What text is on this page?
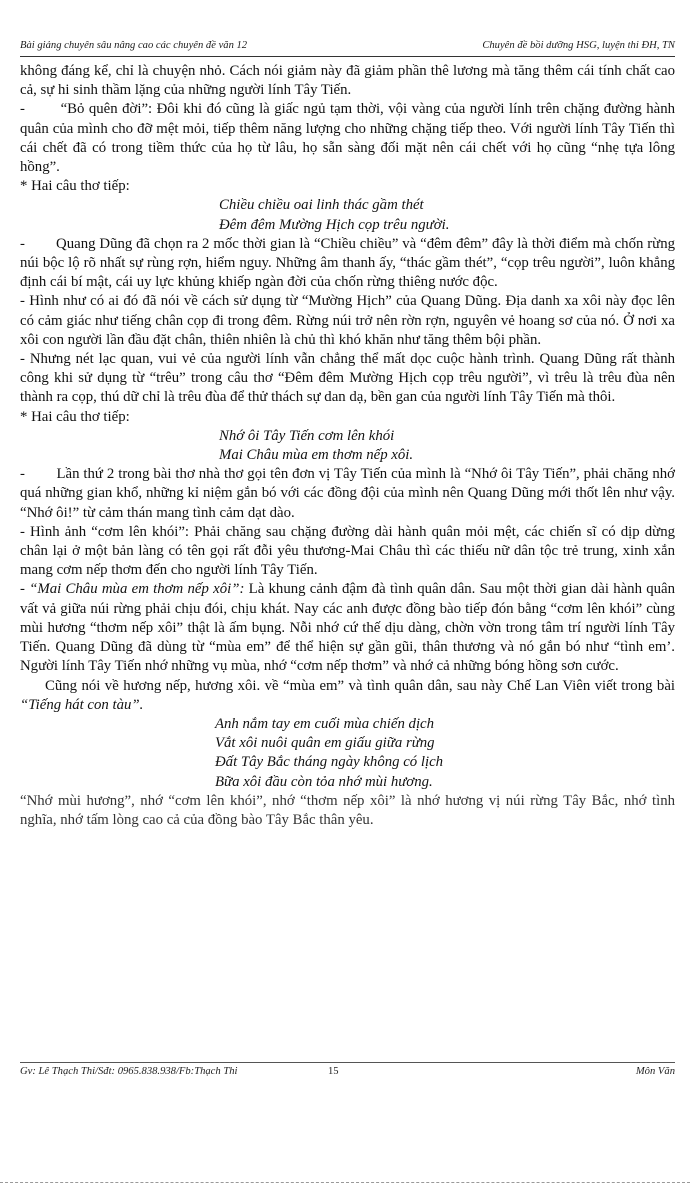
Bài giảng chuyên sâu nâng cao các chuyên đề văn 12	Chuyên đề bồi dưỡng HSG, luyện thi ĐH, TN

không đáng kể, chỉ là chuyện nhỏ. Cách nói giảm này đã giảm phần thê lương mà tăng thêm cái tính chất cao cả, sự hi sinh thầm lặng của những người lính Tây Tiến.

-        “Bỏ quên đời”: Đôi khi đó cũng là giấc ngủ tạm thời, vội vàng của người lính trên chặng đường hành quân của mình cho đỡ mệt mỏi, tiếp thêm năng lượng cho những chặng tiếp theo. Với người lính Tây Tiến thì cái chết đã có trong tiềm thức của họ từ lâu, họ sẵn sàng đối mặt nên cái chết với họ cũng “nhẹ tựa lông hồng”.

* Hai câu thơ tiếp:

Chiều chiều oai linh thác gầm thét

Đêm đêm Mường Hịch cọp trêu người.

-        Quang Dũng đã chọn ra 2 mốc thời gian là “Chiều chiều” và “đêm đêm” đây là thời điểm mà chốn rừng núi bộc lộ rõ nhất sự rùng rợn, hiểm nguy. Những âm thanh ấy, “thác gầm thét”, “cọp trêu người”, luôn khẳng định cái bí mật, cái uy lực khủng khiếp ngàn đời của chốn rừng thiêng nước độc.

- Hình như có ai đó đã nói về cách sử dụng từ “Mường Hịch” của Quang Dũng. Địa danh xa xôi này đọc lên có cảm giác như tiếng chân cọp đi trong đêm. Rừng núi trở nên rờn rợn, nguyên vẻ hoang sơ của nó. Ở nơi xa xôi con người lần đầu đặt chân, thiên nhiên là chủ thì khó khăn như tăng thêm bội phần.

- Nhưng nét lạc quan, vui vẻ của người lính vẫn chẳng thể mất dọc cuộc hành trình. Quang Dũng rất thành công khi sử dụng từ “trêu” trong câu thơ “Đêm đêm Mường Hịch cọp trêu người”, vì trêu là trêu đùa nên thành ra cọp, thú dữ chỉ là trêu đùa để thử thách sự dan dạ, bền gan của người lính Tây Tiến mà thôi.

* Hai câu thơ tiếp:

Nhớ ôi Tây Tiến cơm lên khói

Mai Châu mùa em thơm nếp xôi.

-        Lần thứ 2 trong bài thơ nhà thơ gọi tên đơn vị Tây Tiến của mình là “Nhớ ôi Tây Tiến”, phải chăng nhớ quá những gian khổ, những kỉ niệm gắn bó với các đồng đội của mình nên Quang Dũng mới thốt lên như vậy. “Nhớ ôi!” từ cảm thán mang tình cảm dạt dào.

- Hình ảnh “cơm lên khói”: Phải chăng sau chặng đường dài hành quân mỏi mệt, các chiến sĩ có dịp dừng chân lại ở một bản làng có tên gọi rất đỗi yêu thương-Mai Châu thì các thiếu nữ dân tộc trẻ trung, xinh xắn mang cơm nếp thơm đến cho người lính Tây Tiến.

- “Mai Châu mùa em thơm nếp xôi”: Là khung cảnh đậm đà tình quân dân. Sau một thời gian dài hành quân vất vả giữa núi rừng phải chịu đói, chịu khát. Nay các anh được đồng bào tiếp đón bằng “cơm lên khói” cùng mùi hương “thơm nếp xôi” thật là ấm bụng. Nỗi nhớ cứ thế dịu dàng, chờn vờn trong tâm trí người lính Tây Tiến. Quang Dũng đã dùng từ “mùa em” để thể hiện sự gần gũi, thân thương và nó gắn bó như “tình em’. Người lính Tây Tiến nhớ những vụ mùa, nhớ “cơm nếp thơm” và nhớ cả những bóng hồng sơn cước.

Cũng nói về hương nếp, hương xôi. về “mùa em” và tình quân dân, sau này Chế Lan Viên viết trong bài “Tiếng hát con tàu”.

Anh nắm tay em cuối mùa chiến dịch

Vắt xôi nuôi quân em giấu giữa rừng

Đất Tây Bắc tháng ngày không có lịch

Bữa xôi đầu còn tỏa nhớ mùi hương.

“Nhớ mùi hương”, nhớ “cơm lên khói”, nhớ “thơm nếp xôi” là nhớ hương vị núi rừng Tây Bắc, nhớ tình nghĩa, nhớ tấm lòng cao cả của đồng bào Tây Bắc thân yêu.

Gv: Lê Thạch Thi/Sđt: 0965.838.938/Fb:Thạch Thi	15	Môn Văn
